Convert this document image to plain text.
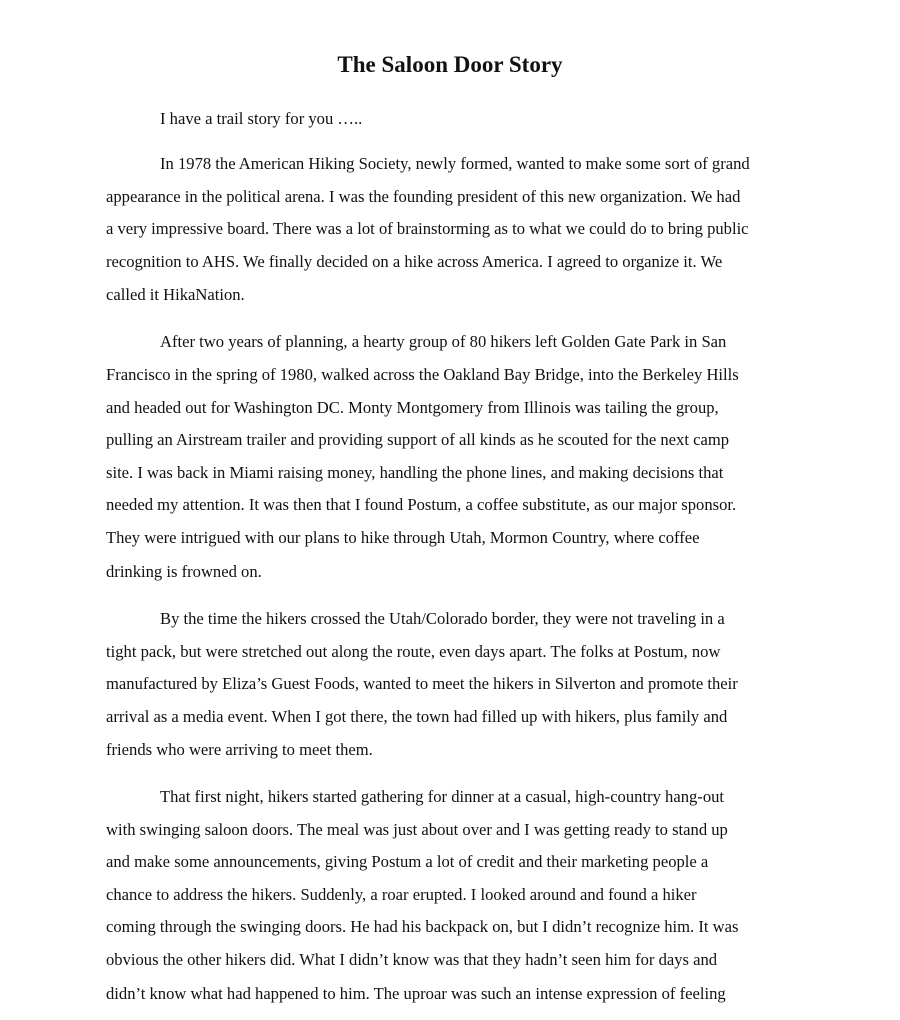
The Saloon Door Story
I have a trail story for you …..
In 1978 the American Hiking Society, newly formed, wanted to make some sort of grand
appearance in the political arena. I was the founding president of this new organization. We had
a very impressive board. There was a lot of brainstorming as to what we could do to bring public
recognition to AHS. We finally decided on a hike across America. I agreed to organize it. We
called it HikaNation.
After two years of planning, a hearty group of 80 hikers left Golden Gate Park in San
Francisco in the spring of 1980, walked across the Oakland Bay Bridge, into the Berkeley Hills
and headed out for Washington DC. Monty Montgomery from Illinois was tailing the group,
pulling an Airstream trailer and providing support of all kinds as he scouted for the next camp
site. I was back in Miami raising money, handling the phone lines, and making decisions that
needed my attention. It was then that I found Postum, a coffee substitute, as our major sponsor.
They were intrigued with our plans to hike through Utah, Mormon Country, where coffee
drinking is frowned on.
By the time the hikers crossed the Utah/Colorado border, they were not traveling in a
tight pack, but were stretched out along the route, even days apart. The folks at Postum, now
manufactured by Eliza’s Guest Foods, wanted to meet the hikers in Silverton and promote their
arrival as a media event. When I got there, the town had filled up with hikers, plus family and
friends who were arriving to meet them.
That first night, hikers started gathering for dinner at a casual, high-country hang-out
with swinging saloon doors. The meal was just about over and I was getting ready to stand up
and make some announcements, giving Postum a lot of credit and their marketing people a
chance to address the hikers. Suddenly, a roar erupted. I looked around and found a hiker
coming through the swinging doors. He had his backpack on, but I didn’t recognize him. It was
obvious the other hikers did. What I didn’t know was that they hadn’t seen him for days and
didn’t know what had happened to him. The uproar was such an intense expression of feeling
